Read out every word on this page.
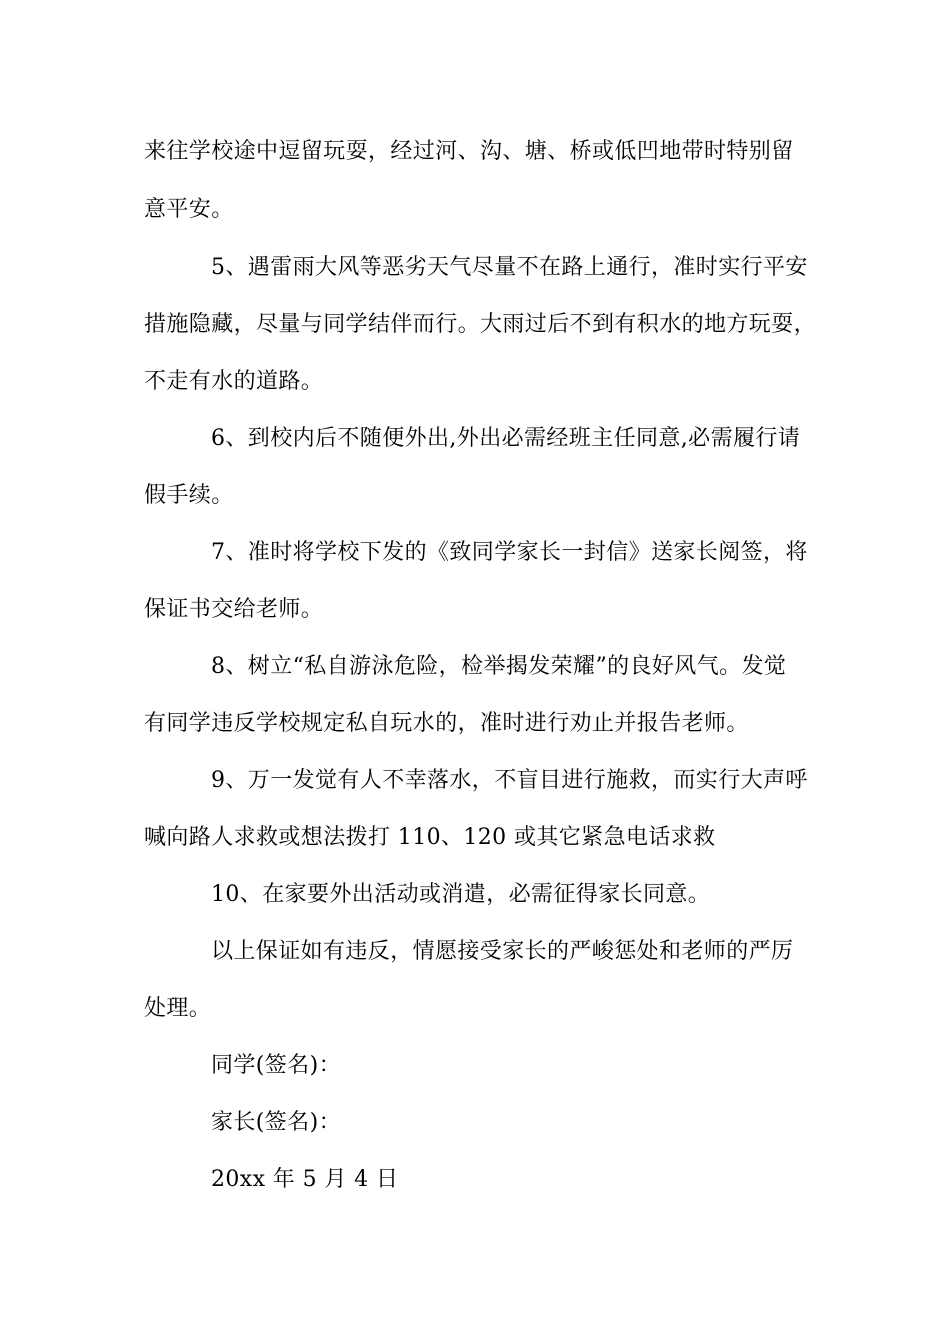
来往学校途中逗留玩耍，经过河、沟、塘、桥或低凹地带时特别留
意平安。
5、遇雷雨大风等恶劣天气尽量不在路上通行，准时实行平安
措施隐藏，尽量与同学结伴而行。大雨过后不到有积水的地方玩耍，
不走有水的道路。
6、到校内后不随便外出,外出必需经班主任同意,必需履行请
假手续。
7、准时将学校下发的《致同学家长一封信》送家长阅签，将
保证书交给老师。
8、树立“私自游泳危险，检举揭发荣耀”的良好风气。发觉
有同学违反学校规定私自玩水的，准时进行劝止并报告老师。
9、万一发觉有人不幸落水，不盲目进行施救，而实行大声呼
喊向路人求救或想法拨打 110、120 或其它紧急电话求救
10、在家要外出活动或消遣，必需征得家长同意。
以上保证如有违反，情愿接受家长的严峻惩处和老师的严厉
处理。
同学(签名)：
家长(签名)：
20xx 年 5 月 4 日
